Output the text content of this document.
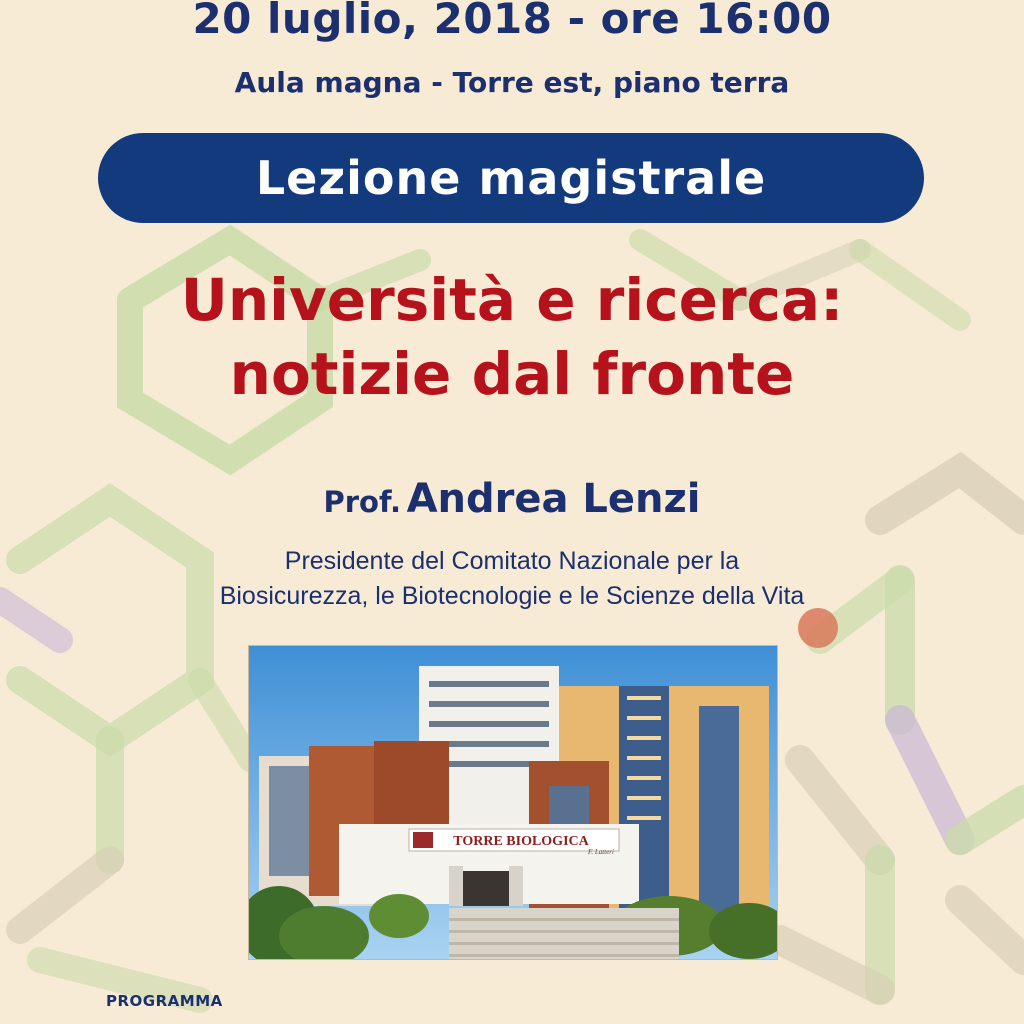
20 luglio, 2018 - ore 16:00
Aula magna - Torre est, piano terra
Lezione magistrale
Università e ricerca:
notizie dal fronte
Prof. Andrea Lenzi
Presidente del Comitato Nazionale per la
Biosicurezza, le Biotecnologie e le Scienze della Vita
TORRE BIOLOGICA
F. Latteri
PROGRAMMA
